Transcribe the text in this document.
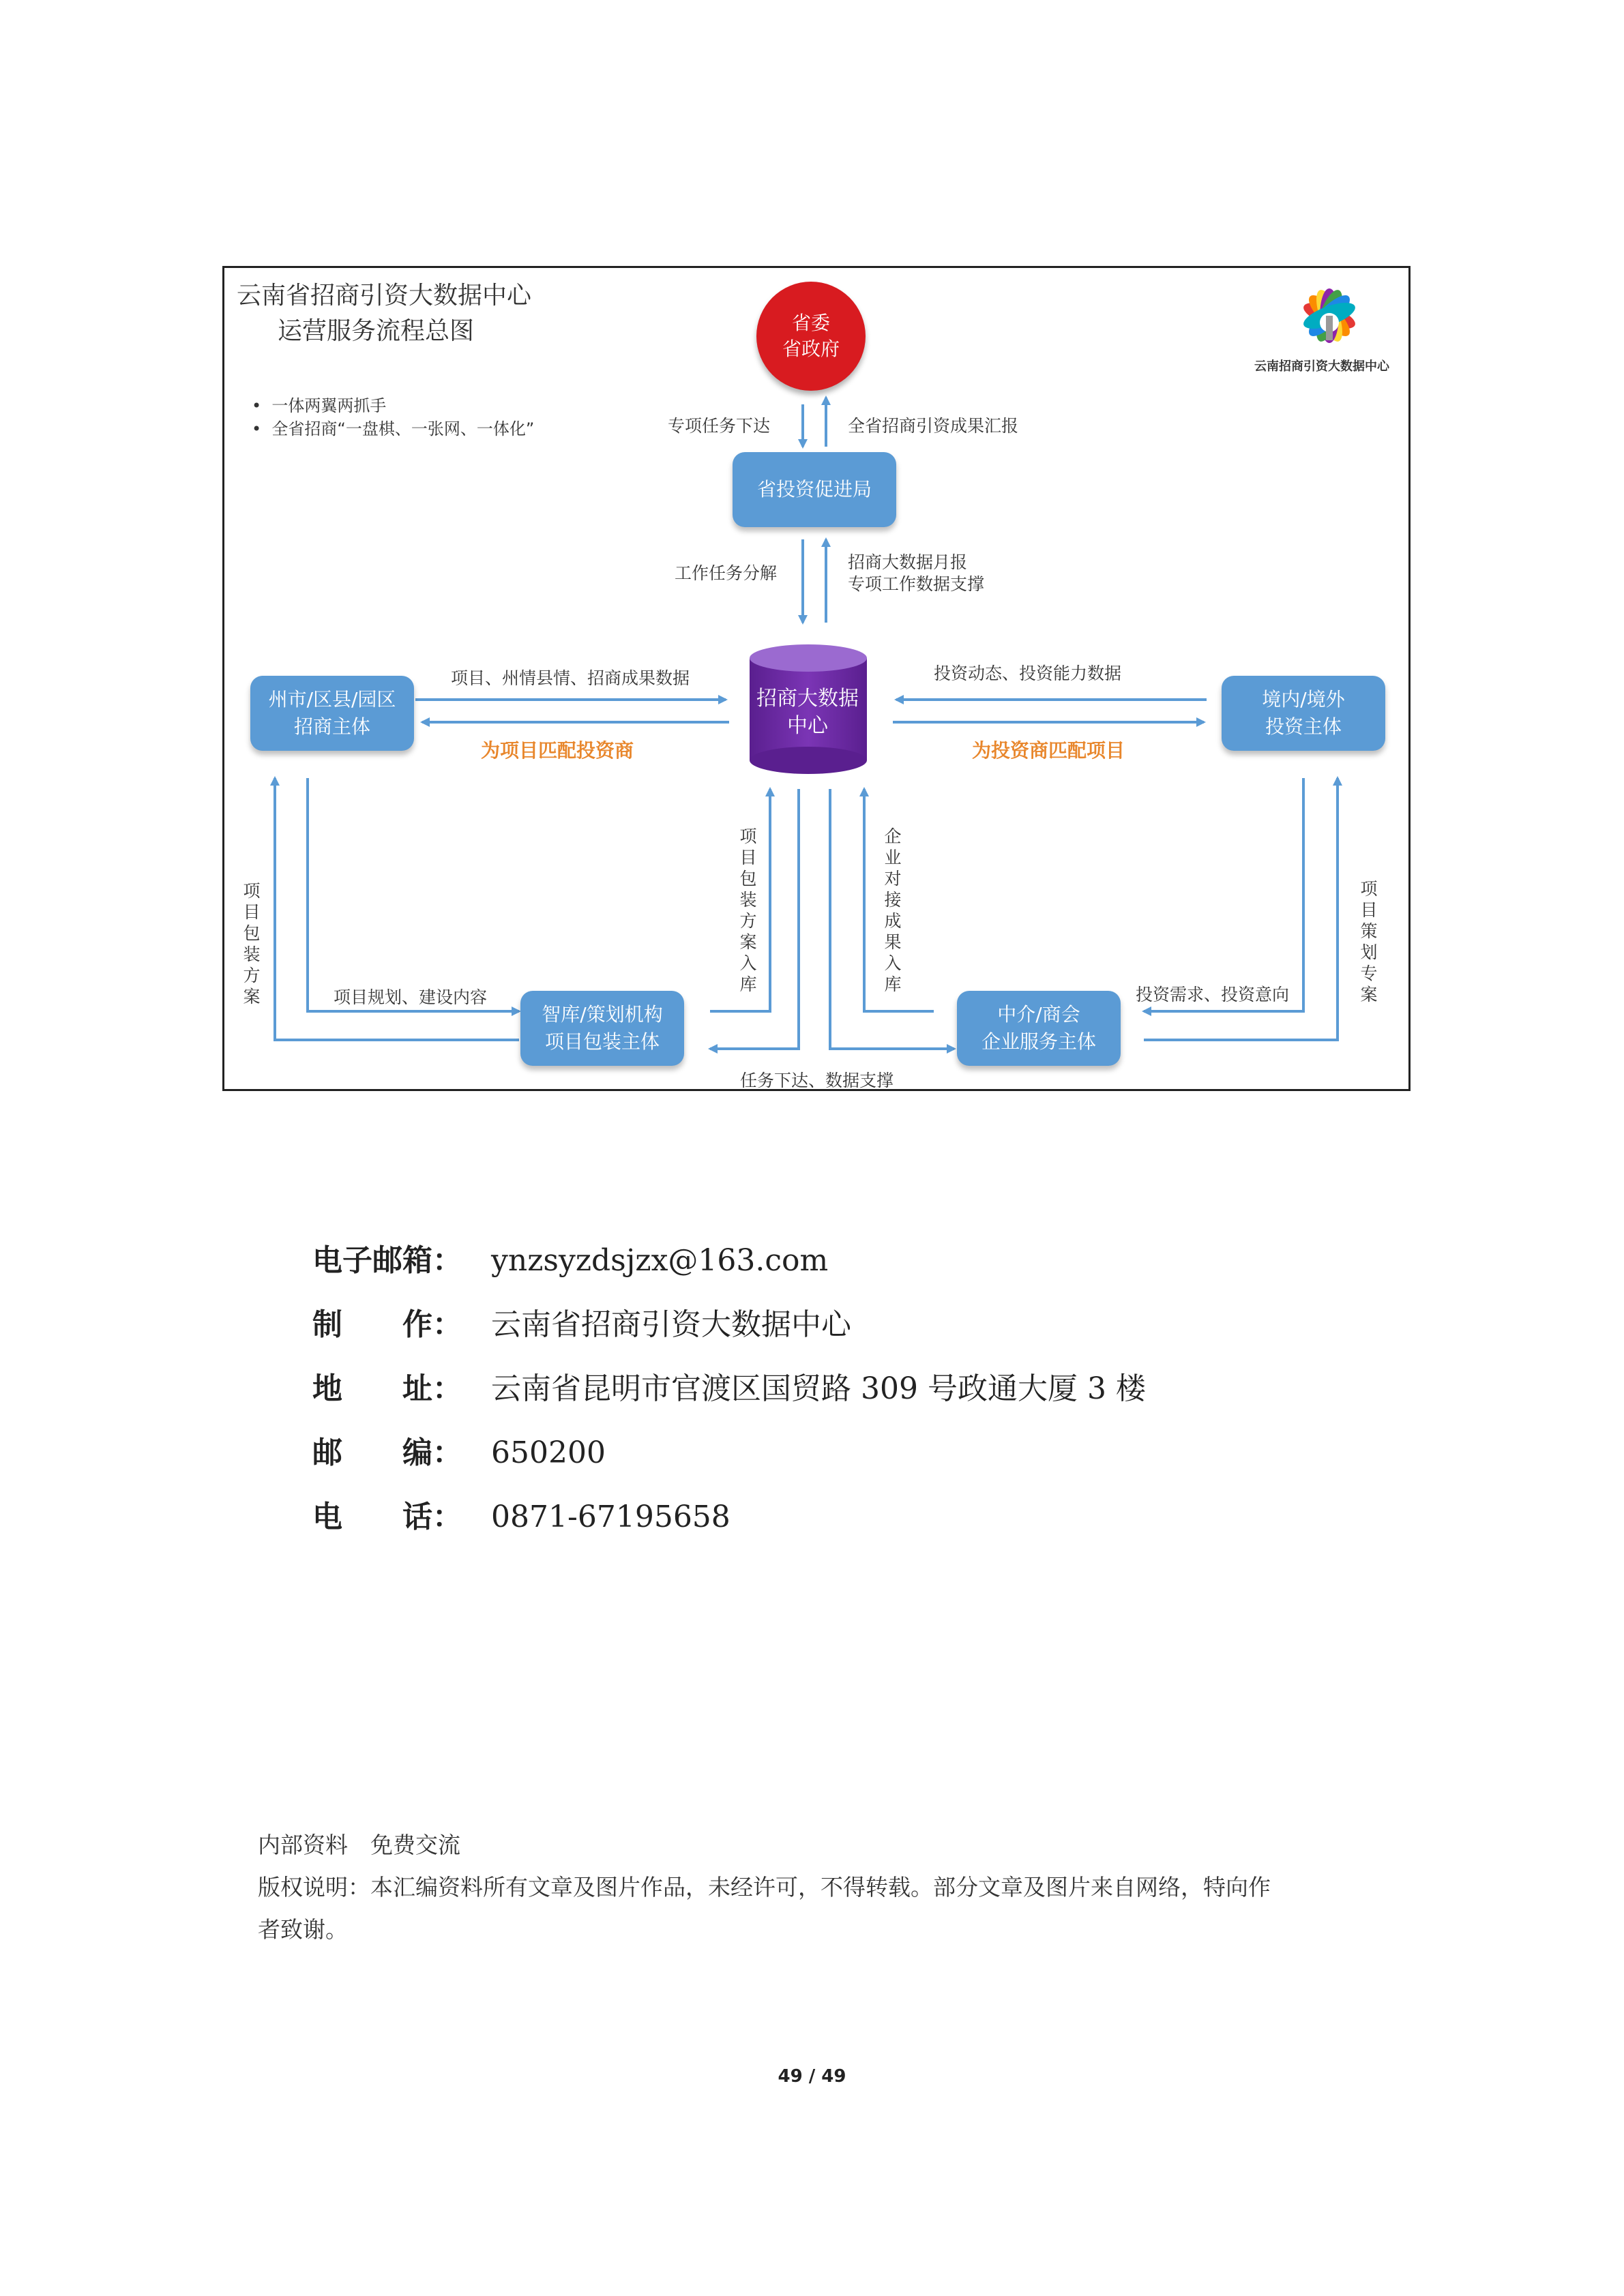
云南省招商引资大数据中心
运营服务流程总图
•  一体两翼两抓手
•  全省招商“一盘棋、一张网、一体化”
云南招商引资大数据中心
省委
省政府
省投资促进局
招商大数据
中心
州市/区县/园区
招商主体
境内/境外
投资主体
智库/策划机构
项目包装主体
中介/商会
企业服务主体
专项任务下达	全省招商引资成果汇报
工作任务分解
招商大数据月报
专项工作数据支撑
项目、州情县情、招商成果数据
为项目匹配投资商
投资动态、投资能力数据
为投资商匹配项目
项目包装方案	项目规划、建设内容
项目包装方案入库
企业对接成果入库
任务下达、数据支撑
投资需求、投资意向
项目策划专案
电子邮箱： ynzsyzdsjzx@163.com
制　　作： 云南省招商引资大数据中心
地　　址： 云南省昆明市官渡区国贸路 309 号政通大厦 3 楼
邮　　编： 650200
电　　话： 0871-67195658
内部资料　免费交流
版权说明：本汇编资料所有文章及图片作品，未经许可，不得转载。部分文章及图片来自网络，特向作
者致谢。
49 / 49
